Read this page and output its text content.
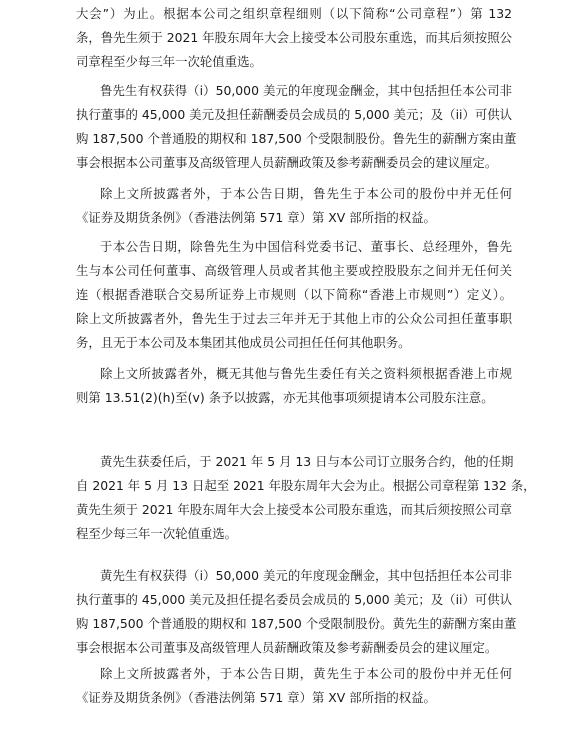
大会”）为止。根据本公司之组织章程细则（以下简称“公司章程”）第 132
条，鲁先生须于 2021 年股东周年大会上接受本公司股东重选，而其后须按照公
司章程至少每三年一次轮值重选。
鲁先生有权获得（i）50,000 美元的年度现金酬金，其中包括担任本公司非
执行董事的 45,000 美元及担任薪酬委员会成员的 5,000 美元；及（ii）可供认
购 187,500 个普通股的期权和 187,500 个受限制股份。鲁先生的薪酬方案由董
事会根据本公司董事及高级管理人员薪酬政策及参考薪酬委员会的建议厘定。
除上文所披露者外，于本公告日期，鲁先生于本公司的股份中并无任何
《证券及期货条例》（香港法例第 571 章）第 XV 部所指的权益。
于本公告日期，除鲁先生为中国信科党委书记、董事长、总经理外，鲁先
生与本公司任何董事、高级管理人员或者其他主要或控股股东之间并无任何关
连（根据香港联合交易所证券上市规则（以下简称“香港上市规则”）定义）。
除上文所披露者外，鲁先生于过去三年并无于其他上市的公众公司担任董事职
务，且无于本公司及本集团其他成员公司担任任何其他职务。
除上文所披露者外，概无其他与鲁先生委任有关之资料须根据香港上市规
则第 13.51(2)(h)至(v) 条予以披露，亦无其他事项须提请本公司股东注意。
黄先生获委任后，于 2021 年 5 月 13 日与本公司订立服务合约，他的任期
自 2021 年 5 月 13 日起至 2021 年股东周年大会为止。根据公司章程第 132 条，
黄先生须于 2021 年股东周年大会上接受本公司股东重选，而其后须按照公司章
程至少每三年一次轮值重选。
黄先生有权获得（i）50,000 美元的年度现金酬金，其中包括担任本公司非
执行董事的 45,000 美元及担任提名委员会成员的 5,000 美元；及（ii）可供认
购 187,500 个普通股的期权和 187,500 个受限制股份。黄先生的薪酬方案由董
事会根据本公司董事及高级管理人员薪酬政策及参考薪酬委员会的建议厘定。
除上文所披露者外，于本公告日期，黄先生于本公司的股份中并无任何
《证券及期货条例》（香港法例第 571 章）第 XV 部所指的权益。
